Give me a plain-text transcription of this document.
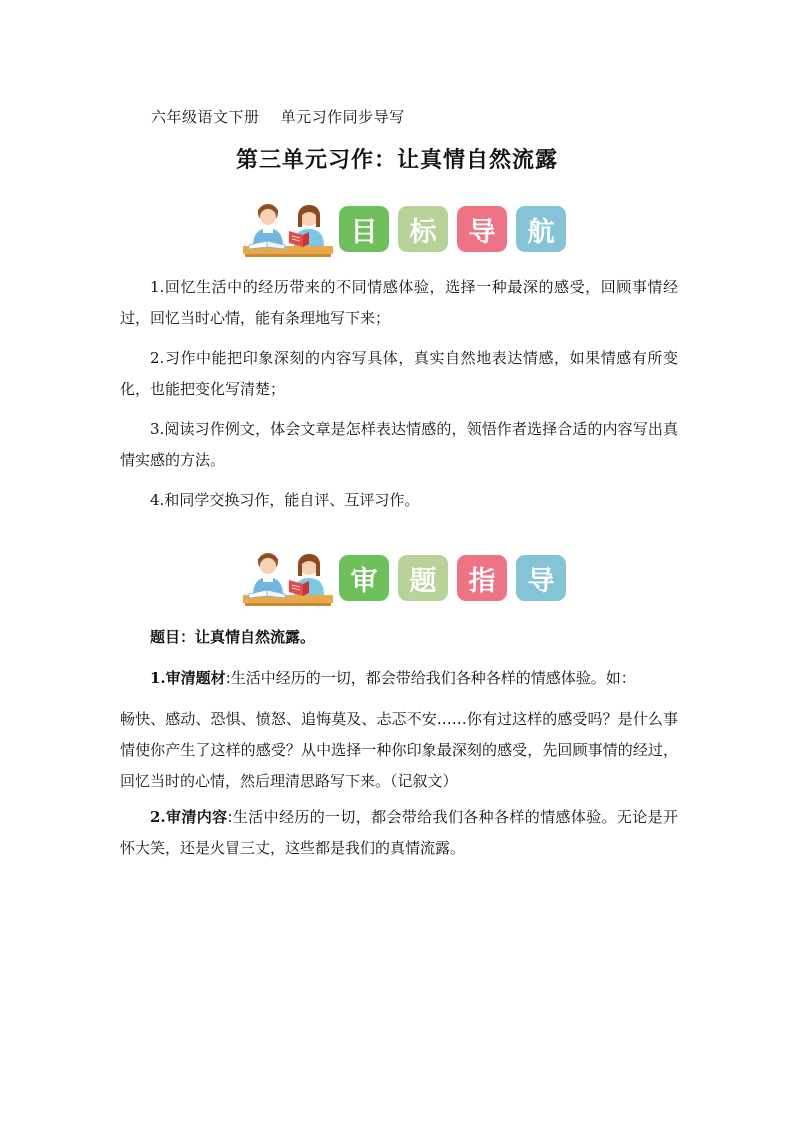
六年级语文下册 单元习作同步导写
第三单元习作：让真情自然流露
目	标	导	航

1.回忆生活中的经历带来的不同情感体验，选择一种最深的感受，回顾事情经过，回忆当时心情，能有条理地写下来；

2.习作中能把印象深刻的内容写具体，真实自然地表达情感，如果情感有所变化，也能把变化写清楚；

3.阅读习作例文，体会文章是怎样表达情感的，领悟作者选择合适的内容写出真情实感的方法。

4.和同学交换习作，能自评、互评习作。

审	题	指	导

题目：让真情自然流露。

1.审清题材:生活中经历的一切，都会带给我们各种各样的情感体验。如：

畅快、感动、恐惧、愤怒、追悔莫及、忐忑不安……你有过这样的感受吗？是什么事情使你产生了这样的感受？从中选择一种你印象最深刻的感受，先回顾事情的经过，回忆当时的心情，然后理清思路写下来。（记叙文）

2.审清内容:生活中经历的一切，都会带给我们各种各样的情感体验。无论是开怀大笑，还是火冒三丈，这些都是我们的真情流露。
